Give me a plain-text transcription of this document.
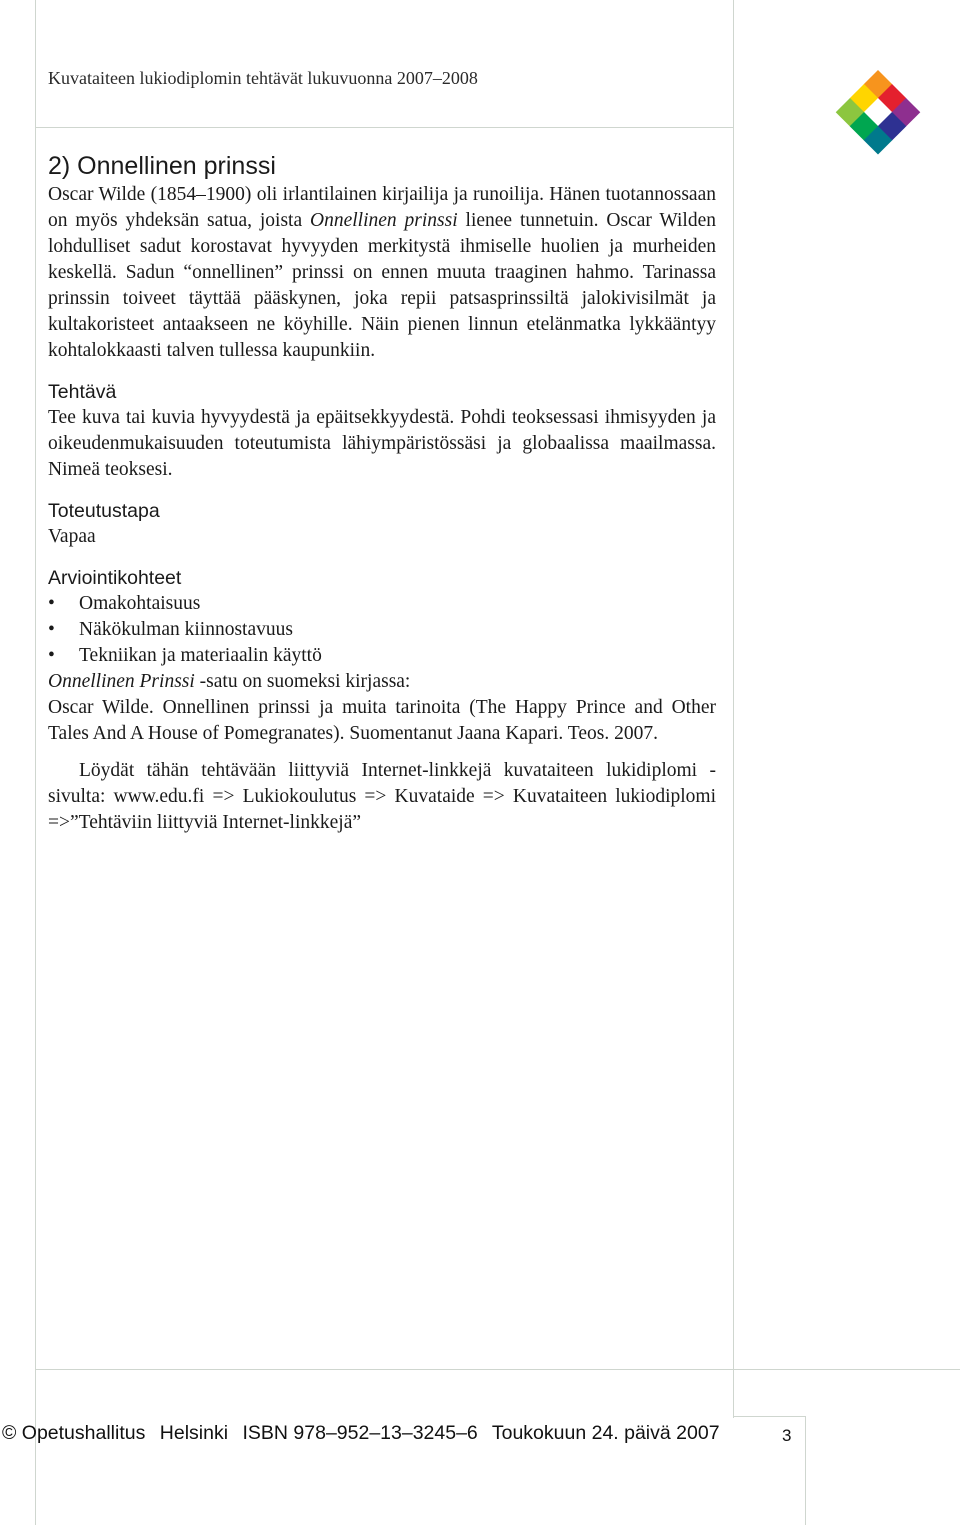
Kuvataiteen lukiodiplomin tehtävät lukuvuonna 2007–2008
2) Onnellinen prinssi

Oscar Wilde (1854–1900) oli irlantilainen kirjailija ja runoilija. Hänen tuotannossaan on myös yhdeksän satua, joista Onnellinen prinssi lienee tunnetuin. Oscar Wilden lohdulliset sadut korostavat hyvyyden merkitystä ihmiselle huolien ja murheiden keskellä. Sadun “onnellinen” prinssi on ennen muuta traaginen hahmo. Tarinassa prinssin toiveet täyttää pääskynen, joka repii patsasprinssiltä jalokivisilmät ja kultakoristeet antaakseen ne köyhille. Näin pienen linnun etelänmatka lykkääntyy kohtalokkaasti talven tullessa kaupunkiin.

Tehtävä

Tee kuva tai kuvia hyvyydestä ja epäitsekkyydestä. Pohdi teoksessasi ihmisyyden ja oikeudenmukaisuuden toteutumista lähiympäristössäsi ja globaalissa maailmassa. Nimeä teoksesi.

Toteutustapa

Vapaa

Arviointikohteet
• Omakohtaisuus
• Näkökulman kiinnostavuus
• Tekniikan ja materiaalin käyttö

Onnellinen Prinssi -satu on suomeksi kirjassa:

Oscar Wilde. Onnellinen prinssi ja muita tarinoita (The Happy Prince and Other Tales And A House of Pomegranates). Suomentanut Jaana Kapari. Teos. 2007.

Löydät tähän tehtävään liittyviä Internet-linkkejä kuvataiteen lukidiplomi -sivulta: www.edu.fi => Lukiokoulutus => Kuvataide => Kuvataiteen lukiodiplomi =>”Tehtäviin liittyviä Internet-linkkejä”

© Opetushallitus Helsinki ISBN 978–952–13–3245–6 Toukokuun 24. päivä 2007	3
